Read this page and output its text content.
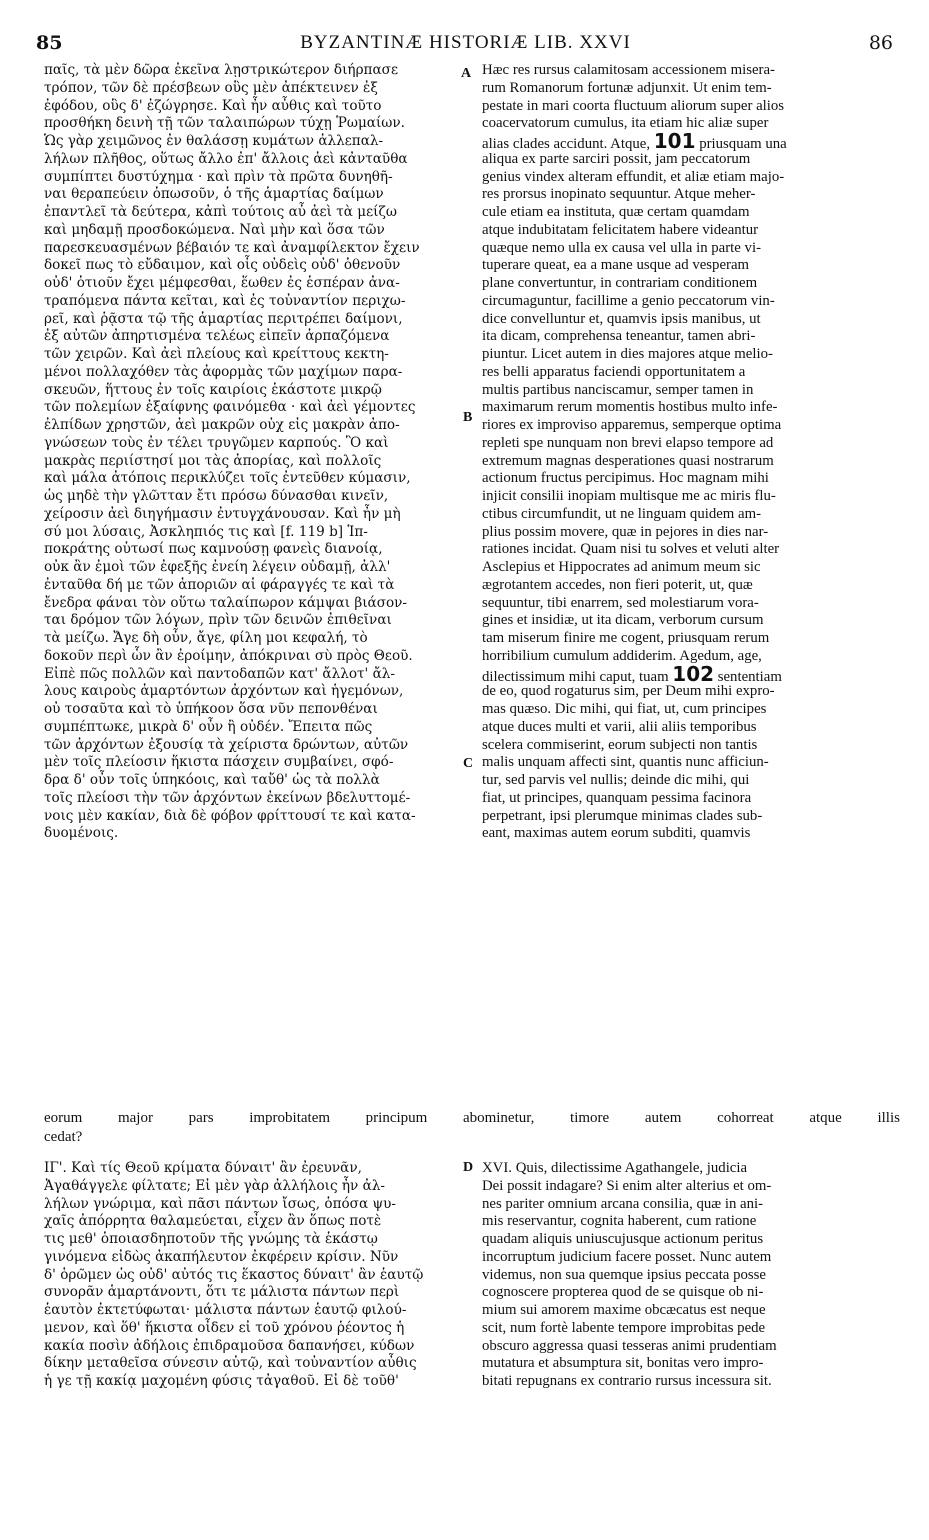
85	BYZANTINÆ HISTORIÆ LIB. XXVI	86
A
B
C
D
παῖς, τὰ μὲν δῶρα ἐκεῖνα λῃστρικώτερον διήρπασε
τρόπον, τῶν δὲ πρέσβεων οὓς μὲν ἀπέκτεινεν ἐξ
ἐφόδου, οὓς δ' ἐζώγρησε. Καὶ ἦν αὖθις καὶ τοῦτο
προσθήκη δεινὴ τῇ τῶν ταλαιπώρων τύχῃ Ῥωμαίων.
Ὡς γὰρ χειμῶνος ἐν θαλάσσῃ κυμάτων ἀλλεπαλ-
λήλων πλῆθος, οὕτως ἄλλο ἐπ' ἄλλοις ἀεὶ κἀνταῦθα
συμπίπτει δυστύχημα · καὶ πρὶν τὰ πρῶτα δυνηθῆ-
ναι θεραπεύειν ὁπωσοῦν, ὁ τῆς ἁμαρτίας δαίμων
ἐπαντλεῖ τὰ δεύτερα, κἀπὶ τούτοις αὖ ἀεὶ τὰ μείζω
καὶ μηδαμῇ προσδοκώμενα. Ναὶ μὴν καὶ ὅσα τῶν
παρεσκευασμένων βέβαιόν τε καὶ ἀναμφίλεκτον ἔχειν
δοκεῖ πως τὸ εὔδαιμον, καὶ οἷς οὐδεὶς οὐδ' ὁθενοῦν
οὐδ' ὁτιοῦν ἔχει μέμφεσθαι, ἕωθεν ἐς ἑσπέραν ἀνα-
τραπόμενα πάντα κεῖται, καὶ ἐς τοὐναντίον περιχω-
ρεῖ, καὶ ῥᾷστα τῷ τῆς ἁμαρτίας περιτρέπει δαίμονι,
ἐξ αὐτῶν ἀπηρτισμένα τελέως εἰπεῖν ἁρπαζόμενα
τῶν χειρῶν. Καὶ ἀεὶ πλείους καὶ κρείττους κεκτη-
μένοι πολλαχόθεν τὰς ἀφορμὰς τῶν μαχίμων παρα-
σκευῶν, ἥττους ἐν τοῖς καιρίοις ἑκάστοτε μικρῷ
τῶν πολεμίων ἐξαίφνης φαινόμεθα · καὶ ἀεὶ γέμοντες
ἐλπίδων χρηστῶν, ἀεὶ μακρῶν οὐχ εἰς μακρὰν ἀπο-
γνώσεων τοὺς ἐν τέλει τρυγῶμεν καρπούς. Ὃ καὶ
μακρὰς περιίστησί μοι τὰς ἀπορίας, καὶ πολλοῖς
καὶ μάλα ἀτόποις περικλύζει τοῖς ἐντεῦθεν κύμασιν,
ὡς μηδὲ τὴν γλῶτταν ἔτι πρόσω δύνασθαι κινεῖν,
χείροσιν ἀεὶ διηγήμασιν ἐντυγχάνουσαν. Καὶ ἦν μὴ
σύ μοι λύσαις, Ἀσκληπιός τις καὶ [f. 119 b] Ἱπ-
ποκράτης οὑτωσί πως καμνούσῃ φανεὶς διανοίᾳ,
οὐκ ἂν ἐμοὶ τῶν ἐφεξῆς ἐνείη λέγειν οὐδαμῇ, ἀλλ'
ἐνταῦθα δή με τῶν ἀποριῶν αἱ φάραγγές τε καὶ τὰ
ἔνεδρα φάναι τὸν οὕτω ταλαίπωρον κάμψαι βιάσον-
ται δρόμον τῶν λόγων, πρὶν τῶν δεινῶν ἐπιθεῖναι
τὰ μείζω. Ἄγε δὴ οὖν, ἄγε, φίλη μοι κεφαλή, τὸ
δοκοῦν περὶ ὧν ἂν ἐροίμην, ἀπόκριναι σὺ πρὸς Θεοῦ.
Εἰπὲ πῶς πολλῶν καὶ παντοδαπῶν κατ' ἄλλοτ' ἄλ-
λους καιροὺς ἁμαρτόντων ἀρχόντων καὶ ἡγεμόνων,
οὐ τοσαῦτα καὶ τὸ ὑπήκοον ὅσα νῦν πεπονθέναι
συμπέπτωκε, μικρὰ δ' οὖν ἢ οὐδέν. Ἔπειτα πῶς
τῶν ἀρχόντων ἐξουσίᾳ τὰ χείριστα δρώντων, αὐτῶν
μὲν τοῖς πλείοσιν ἥκιστα πάσχειν συμβαίνει, σφό-
δρα δ' οὖν τοῖς ὑπηκόοις, καὶ ταὔθ' ὡς τὰ πολλὰ
τοῖς πλείοσι τὴν τῶν ἀρχόντων ἐκείνων βδελυττομέ-
νοις μὲν κακίαν, διὰ δὲ φόβον φρίττουσί τε καὶ κατα-
δυομένοις.
Hæc res rursus calamitosam accessionem misera-
rum Romanorum fortunæ adjunxit. Ut enim tem-
pestate in mari coorta fluctuum aliorum super alios
coacervatorum cumulus, ita etiam hic aliæ super
alias clades accidunt. Atque, 101 priusquam una
aliqua ex parte sarciri possit, jam peccatorum
genius vindex alteram effundit, et aliæ etiam majo-
res prorsus inopinato sequuntur. Atque meher-
cule etiam ea instituta, quæ certam quamdam
atque indubitatam felicitatem habere videantur
quæque nemo ulla ex causa vel ulla in parte vi-
tuperare queat, ea a mane usque ad vesperam
plane convertuntur, in contrariam conditionem
circumaguntur, facillime a genio peccatorum vin-
dice convelluntur et, quamvis ipsis manibus, ut
ita dicam, comprehensa teneantur, tamen abri-
piuntur. Licet autem in dies majores atque melio-
res belli apparatus faciendi opportunitatem a
multis partibus nanciscamur, semper tamen in
maximarum rerum momentis hostibus multo infe-
riores ex improviso apparemus, semperque optima
repleti spe nunquam non brevi elapso tempore ad
extremum magnas desperationes quasi nostrarum
actionum fructus percipimus. Hoc magnam mihi
injicit consilii inopiam multisque me ac miris flu-
ctibus circumfundit, ut ne linguam quidem am-
plius possim movere, quæ in pejores in dies nar-
rationes incidat. Quam nisi tu solves et veluti alter
Asclepius et Hippocrates ad animum meum sic
ægrotantem accedes, non fieri poterit, ut, quæ
sequuntur, tibi enarrem, sed molestiarum vora-
gines et insidiæ, ut ita dicam, verborum cursum
tam miserum finire me cogent, priusquam rerum
horribilium cumulum addiderim. Agedum, age,
dilectissimum mihi caput, tuam 102 sententiam
de eo, quod rogaturus sim, per Deum mihi expro-
mas quæso. Dic mihi, qui fiat, ut, cum principes
atque duces multi et varii, alii aliis temporibus
scelera commiserint, eorum subjecti non tantis
malis unquam affecti sint, quantis nunc afficiun-
tur, sed parvis vel nullis; deinde dic mihi, qui
fiat, ut principes, quanquam pessima facinora
perpetrant, ipsi plerumque minimas clades sub-
eant, maximas autem eorum subditi, quamvis
eorum major pars improbitatem principum abominetur, timore autem cohorreat atque illis
cedat?
IΓ'. Καὶ τίς Θεοῦ κρίματα δύναιτ' ἂν ἐρευνᾶν,
Ἀγαθάγγελε φίλτατε; Εἰ μὲν γὰρ ἀλλήλοις ἦν ἀλ-
λήλων γνώριμα, καὶ πᾶσι πάντων ἴσως, ὁπόσα ψυ-
χαῖς ἀπόρρητα θαλαμεύεται, εἶχεν ἂν ὅπως ποτὲ
τις μεθ' ὁποιασδηποτοῦν τῆς γνώμης τὰ ἑκάστῳ
γινόμενα εἰδὼς ἀκαπήλευτον ἐκφέρειν κρίσιν. Νῦν
δ' ὁρῶμεν ὡς οὐδ' αὐτός τις ἕκαστος δύναιτ' ἂν ἑαυτῷ
συνορᾶν ἁμαρτάνοντι, ὅτι τε μάλιστα πάντων περὶ
ἑαυτὸν ἐκτετύφωται· μάλιστα πάντων ἑαυτῷ φιλού-
μενον, καὶ ὅθ' ἥκιστα οἶδεν εἰ τοῦ χρόνου ῥέοντος ἡ
κακία ποσὶν ἀδήλοις ἐπιδραμοῦσα δαπανήσει, κύδων
δίκην μεταθεῖσα σύνεσιν αὐτῷ, καὶ τοὐναντίον αὖθις
ἡ γε τῇ κακίᾳ μαχομένη φύσις τἀγαθοῦ. Εἰ δὲ τοῦθ'
XVI. Quis, dilectissime Agathangele, judicia
Dei possit indagare? Si enim alter alterius et om-
nes pariter omnium arcana consilia, quæ in ani-
mis reservantur, cognita haberent, cum ratione
quadam aliquis uniuscujusque actionum peritus
incorruptum judicium facere posset. Nunc autem
videmus, non sua quemque ipsius peccata posse
cognoscere propterea quod de se quisque ob ni-
mium sui amorem maxime obcæcatus est neque
scit, num fortè labente tempore improbitas pede
obscuro aggressa quasi tesseras animi prudentiam
mutatura et absumptura sit, bonitas vero impro-
bitati repugnans ex contrario rursus incessura sit.
